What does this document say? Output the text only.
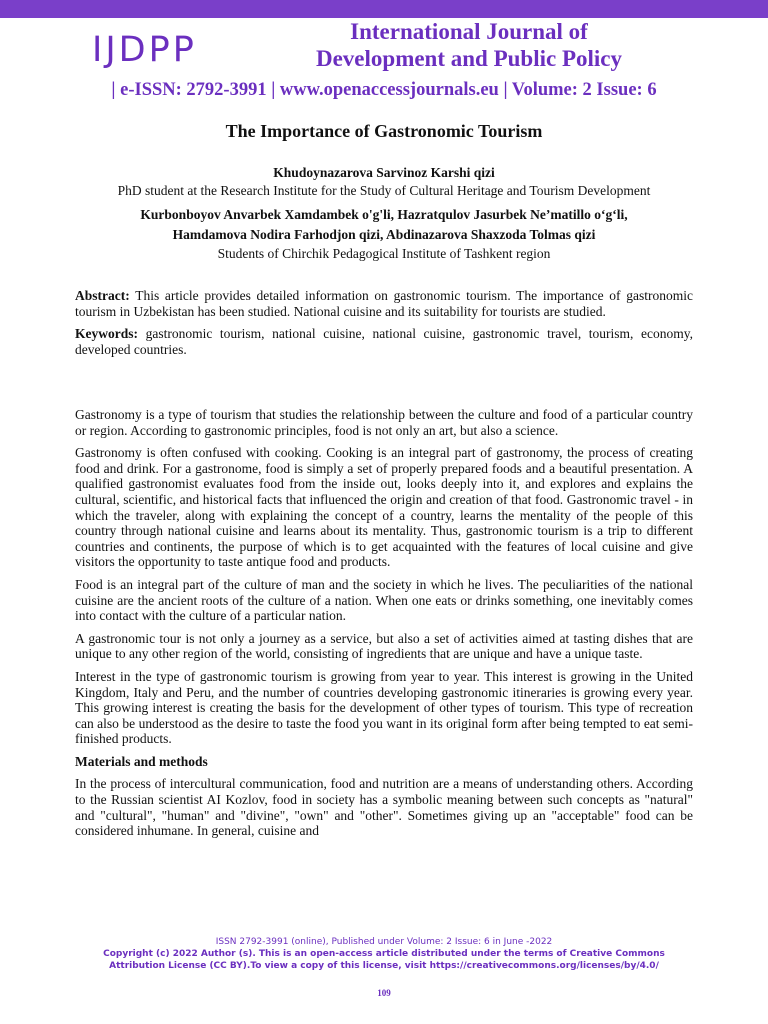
IJDPP	International Journal of
Development and Public Policy
| e-ISSN: 2792-3991 | www.openaccessjournals.eu | Volume: 2 Issue: 6
The Importance of Gastronomic Tourism
Khudoynazarova Sarvinoz Karshi qizi
PhD student at the Research Institute for the Study of Cultural Heritage and Tourism Development
Kurbonboyov Anvarbek Xamdambek o'g'li, Hazratqulov Jasurbek Ne’matillo o‘g‘li,
Hamdamova Nodira Farhodjon qizi, Abdinazarova Shaxzoda Tolmas qizi
Students of Chirchik Pedagogical Institute of Tashkent region

Abstract: This article provides detailed information on gastronomic tourism. The importance of gastronomic tourism in Uzbekistan has been studied. National cuisine and its suitability for tourists are studied.

Keywords: gastronomic tourism, national cuisine, national cuisine, gastronomic travel, tourism, economy, developed countries.

Gastronomy is a type of tourism that studies the relationship between the culture and food of a particular country or region. According to gastronomic principles, food is not only an art, but also a science.

Gastronomy is often confused with cooking. Cooking is an integral part of gastronomy, the process of creating food and drink. For a gastronome, food is simply a set of properly prepared foods and a beautiful presentation. A qualified gastronomist evaluates food from the inside out, looks deeply into it, and explores and explains the cultural, scientific, and historical facts that influenced the origin and creation of that food. Gastronomic travel - in which the traveler, along with explaining the concept of a country, learns the mentality of the people of this country through national cuisine and learns about its mentality. Thus, gastronomic tourism is a trip to different countries and continents, the purpose of which is to get acquainted with the features of local cuisine and give visitors the opportunity to taste antique food and products.

Food is an integral part of the culture of man and the society in which he lives. The peculiarities of the national cuisine are the ancient roots of the culture of a nation. When one eats or drinks something, one inevitably comes into contact with the culture of a particular nation.

A gastronomic tour is not only a journey as a service, but also a set of activities aimed at tasting dishes that are unique to any other region of the world, consisting of ingredients that are unique and have a unique taste.

Interest in the type of gastronomic tourism is growing from year to year. This interest is growing in the United Kingdom, Italy and Peru, and the number of countries developing gastronomic itineraries is growing every year. This growing interest is creating the basis for the development of other types of tourism. This type of recreation can also be understood as the desire to taste the food you want in its original form after being tempted to eat semi-finished products.

Materials and methods

In the process of intercultural communication, food and nutrition are a means of understanding others. According to the Russian scientist AI Kozlov, food in society has a symbolic meaning between such concepts as "natural" and "cultural", "human" and "divine", "own" and "other". Sometimes giving up an "acceptable" food can be considered inhumane. In general, cuisine and

ISSN 2792-3991 (online), Published under Volume: 2 Issue: 6 in June -2022
Copyright (c) 2022 Author (s). This is an open-access article distributed under the terms of Creative Commons
Attribution License (CC BY).To view a copy of this license, visit https://creativecommons.org/licenses/by/4.0/
109
